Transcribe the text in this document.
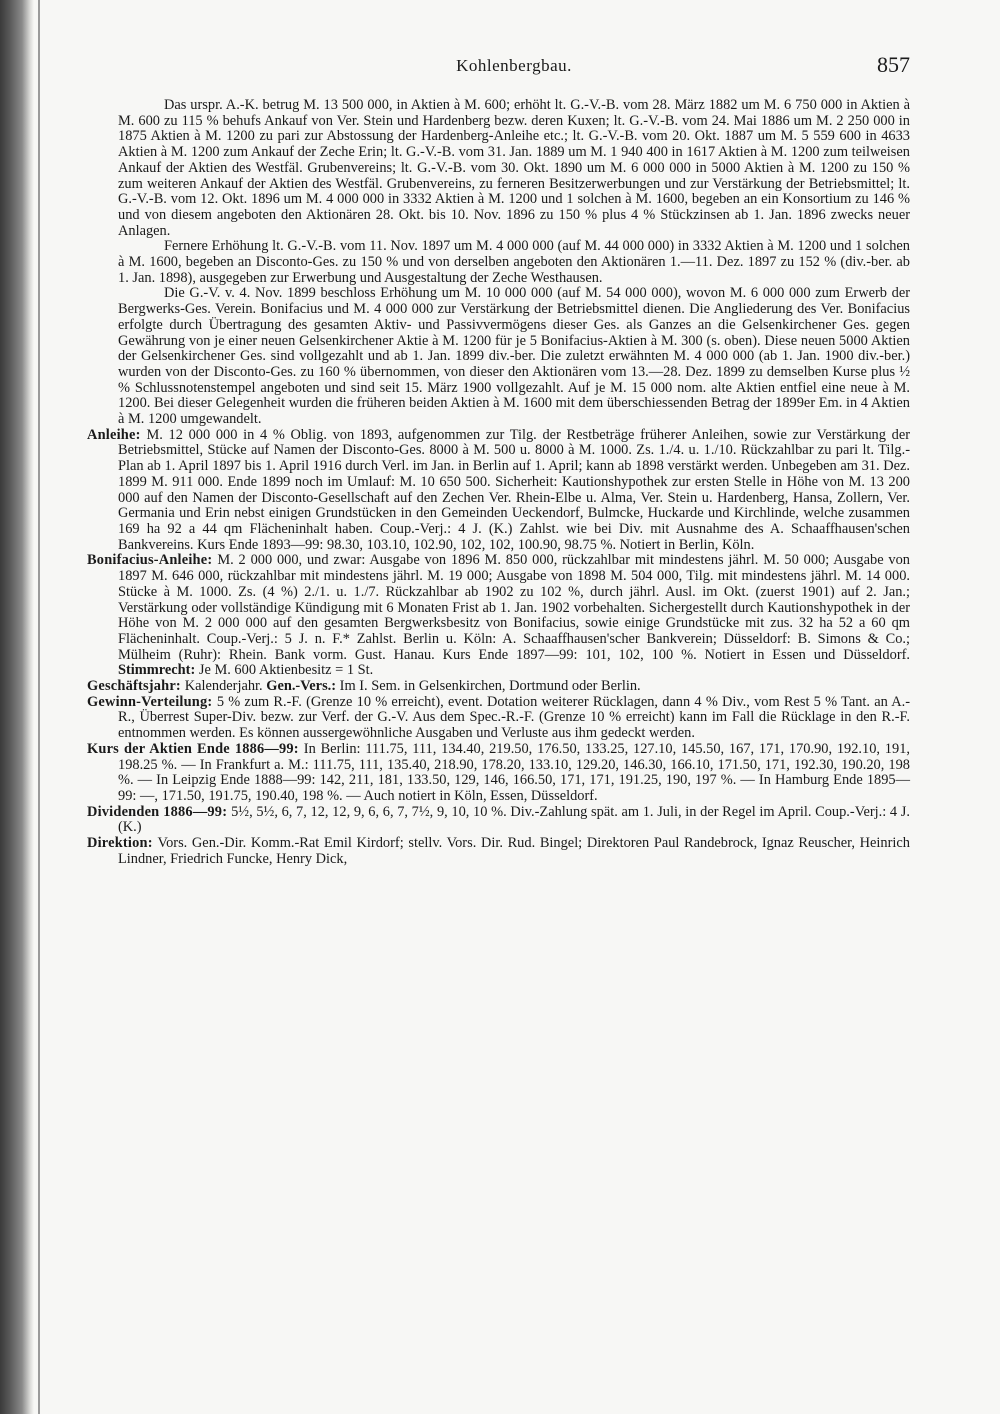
Kohlenbergbau.	857

Das urspr. A.-K. betrug M. 13 500 000, in Aktien à M. 600; erhöht lt. G.-V.-B. vom 28. März 1882 um M. 6 750 000 in Aktien à M. 600 zu 115 % behufs Ankauf von Ver. Stein und Hardenberg bezw. deren Kuxen; lt. G.-V.-B. vom 24. Mai 1886 um M. 2 250 000 in 1875 Aktien à M. 1200 zu pari zur Abstossung der Hardenberg-Anleihe etc.; lt. G.-V.-B. vom 20. Okt. 1887 um M. 5 559 600 in 4633 Aktien à M. 1200 zum Ankauf der Zeche Erin; lt. G.-V.-B. vom 31. Jan. 1889 um M. 1 940 400 in 1617 Aktien à M. 1200 zum teilweisen Ankauf der Aktien des Westfäl. Grubenvereins; lt. G.-V.-B. vom 30. Okt. 1890 um M. 6 000 000 in 5000 Aktien à M. 1200 zu 150 % zum weiteren Ankauf der Aktien des Westfäl. Grubenvereins, zu ferneren Besitzerwerbungen und zur Verstärkung der Betriebsmittel; lt. G.-V.-B. vom 12. Okt. 1896 um M. 4 000 000 in 3332 Aktien à M. 1200 und 1 solchen à M. 1600, begeben an ein Konsortium zu 146 % und von diesem angeboten den Aktionären 28. Okt. bis 10. Nov. 1896 zu 150 % plus 4 % Stückzinsen ab 1. Jan. 1896 zwecks neuer Anlagen.

Fernere Erhöhung lt. G.-V.-B. vom 11. Nov. 1897 um M. 4 000 000 (auf M. 44 000 000) in 3332 Aktien à M. 1200 und 1 solchen à M. 1600, begeben an Disconto-Ges. zu 150 % und von derselben angeboten den Aktionären 1.—11. Dez. 1897 zu 152 % (div.-ber. ab 1. Jan. 1898), ausgegeben zur Erwerbung und Ausgestaltung der Zeche Westhausen.

Die G.-V. v. 4. Nov. 1899 beschloss Erhöhung um M. 10 000 000 (auf M. 54 000 000), wovon M. 6 000 000 zum Erwerb der Bergwerks-Ges. Verein. Bonifacius und M. 4 000 000 zur Verstärkung der Betriebsmittel dienen. Die Angliederung des Ver. Bonifacius erfolgte durch Übertragung des gesamten Aktiv- und Passivvermögens dieser Ges. als Ganzes an die Gelsenkirchener Ges. gegen Gewährung von je einer neuen Gelsenkirchener Aktie à M. 1200 für je 5 Bonifacius-Aktien à M. 300 (s. oben). Diese neuen 5000 Aktien der Gelsenkirchener Ges. sind vollgezahlt und ab 1. Jan. 1899 div.-ber. Die zuletzt erwähnten M. 4 000 000 (ab 1. Jan. 1900 div.-ber.) wurden von der Disconto-Ges. zu 160 % übernommen, von dieser den Aktionären vom 13.—28. Dez. 1899 zu demselben Kurse plus ½ % Schlussnotenstempel angeboten und sind seit 15. März 1900 vollgezahlt. Auf je M. 15 000 nom. alte Aktien entfiel eine neue à M. 1200. Bei dieser Gelegenheit wurden die früheren beiden Aktien à M. 1600 mit dem überschiessenden Betrag der 1899er Em. in 4 Aktien à M. 1200 umgewandelt.

Anleihe: M. 12 000 000 in 4 % Oblig. von 1893, aufgenommen zur Tilg. der Restbeträge früherer Anleihen, sowie zur Verstärkung der Betriebsmittel, Stücke auf Namen der Disconto-Ges. 8000 à M. 500 u. 8000 à M. 1000. Zs. 1./4. u. 1./10. Rückzahlbar zu pari lt. Tilg.-Plan ab 1. April 1897 bis 1. April 1916 durch Verl. im Jan. in Berlin auf 1. April; kann ab 1898 verstärkt werden. Unbegeben am 31. Dez. 1899 M. 911 000. Ende 1899 noch im Umlauf: M. 10 650 500. Sicherheit: Kautionshypothek zur ersten Stelle in Höhe von M. 13 200 000 auf den Namen der Disconto-Gesellschaft auf den Zechen Ver. Rhein-Elbe u. Alma, Ver. Stein u. Hardenberg, Hansa, Zollern, Ver. Germania und Erin nebst einigen Grundstücken in den Gemeinden Ueckendorf, Bulmcke, Huckarde und Kirchlinde, welche zusammen 169 ha 92 a 44 qm Flächeninhalt haben. Coup.-Verj.: 4 J. (K.) Zahlst. wie bei Div. mit Ausnahme des A. Schaaffhausen'schen Bankvereins. Kurs Ende 1893—99: 98.30, 103.10, 102.90, 102, 102, 100.90, 98.75 %. Notiert in Berlin, Köln.

Bonifacius-Anleihe: M. 2 000 000, und zwar: Ausgabe von 1896 M. 850 000, rückzahlbar mit mindestens jährl. M. 50 000; Ausgabe von 1897 M. 646 000, rückzahlbar mit mindestens jährl. M. 19 000; Ausgabe von 1898 M. 504 000, Tilg. mit mindestens jährl. M. 14 000. Stücke à M. 1000. Zs. (4 %) 2./1. u. 1./7. Rückzahlbar ab 1902 zu 102 %, durch jährl. Ausl. im Okt. (zuerst 1901) auf 2. Jan.; Verstärkung oder vollständige Kündigung mit 6 Monaten Frist ab 1. Jan. 1902 vorbehalten. Sichergestellt durch Kautionshypothek in der Höhe von M. 2 000 000 auf den gesamten Bergwerksbesitz von Bonifacius, sowie einige Grundstücke mit zus. 32 ha 52 a 60 qm Flächeninhalt. Coup.-Verj.: 5 J. n. F.* Zahlst. Berlin u. Köln: A. Schaaffhausen'scher Bankverein; Düsseldorf: B. Simons & Co.; Mülheim (Ruhr): Rhein. Bank vorm. Gust. Hanau. Kurs Ende 1897—99: 101, 102, 100 %. Notiert in Essen und Düsseldorf. Stimmrecht: Je M. 600 Aktienbesitz = 1 St.

Geschäftsjahr: Kalenderjahr. Gen.-Vers.: Im I. Sem. in Gelsenkirchen, Dortmund oder Berlin.

Gewinn-Verteilung: 5 % zum R.-F. (Grenze 10 % erreicht), event. Dotation weiterer Rücklagen, dann 4 % Div., vom Rest 5 % Tant. an A.-R., Überrest Super-Div. bezw. zur Verf. der G.-V. Aus dem Spec.-R.-F. (Grenze 10 % erreicht) kann im Fall die Rücklage in den R.-F. entnommen werden. Es können aussergewöhnliche Ausgaben und Verluste aus ihm gedeckt werden.

Kurs der Aktien Ende 1886—99: In Berlin: 111.75, 111, 134.40, 219.50, 176.50, 133.25, 127.10, 145.50, 167, 171, 170.90, 192.10, 191, 198.25 %. — In Frankfurt a. M.: 111.75, 111, 135.40, 218.90, 178.20, 133.10, 129.20, 146.30, 166.10, 171.50, 171, 192.30, 190.20, 198 %. — In Leipzig Ende 1888—99: 142, 211, 181, 133.50, 129, 146, 166.50, 171, 171, 191.25, 190, 197 %. — In Hamburg Ende 1895—99: —, 171.50, 191.75, 190.40, 198 %. — Auch notiert in Köln, Essen, Düsseldorf.

Dividenden 1886—99: 5½, 5½, 6, 7, 12, 12, 9, 6, 6, 7, 7½, 9, 10, 10 %. Div.-Zahlung spät. am 1. Juli, in der Regel im April. Coup.-Verj.: 4 J. (K.)

Direktion: Vors. Gen.-Dir. Komm.-Rat Emil Kirdorf; stellv. Vors. Dir. Rud. Bingel; Direktoren Paul Randebrock, Ignaz Reuscher, Heinrich Lindner, Friedrich Funcke, Henry Dick,
